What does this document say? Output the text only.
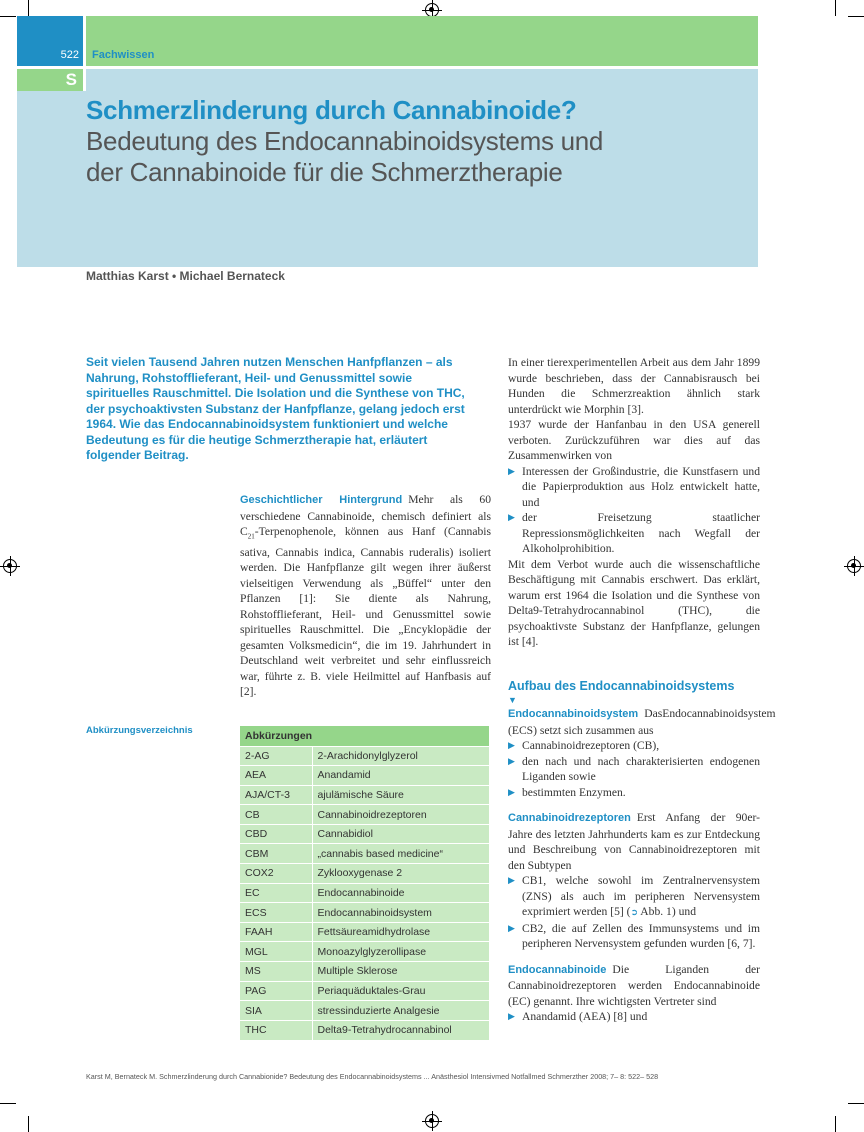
522 Fachwissen
S
Schmerzlinderung durch Cannabinoide?
Bedeutung des Endocannabinoidsystems und
der Cannabinoide für die Schmerztherapie
Matthias Karst • Michael Bernateck

Seit vielen Tausend Jahren nutzen Menschen Hanfpflanzen – als Nahrung, Rohstofflieferant, Heil- und Genussmittel sowie spirituelles Rauschmittel. Die Isolation und die Synthese von THC, der psychoaktivsten Substanz der Hanfpflanze, gelang jedoch erst 1964. Wie das Endocannabinoidsystem funktioniert und welche Bedeutung es für die heutige Schmerztherapie hat, erläutert folgender Beitrag.

Geschichtlicher Hintergrund Mehr als 60 verschiedene Cannabinoide, chemisch definiert als $C_{21}$-Terpenophenole, können aus Hanf (Cannabis sativa, Cannabis indica, Cannabis ruderalis) isoliert werden. Die Hanfpflanze gilt wegen ihrer äußerst vielseitigen Verwendung als „Büffel“ unter den Pflanzen [1]: Sie diente als Nahrung, Rohstofflieferant, Heil- und Genussmittel sowie spirituelles Rauschmittel. Die „Encyklopädie der gesamten Volksmedicin“, die im 19. Jahrhundert in Deutschland weit verbreitet und sehr einflussreich war, führte z. B. viele Heilmittel auf Hanfbasis auf [2].

In einer tierexperimentellen Arbeit aus dem Jahr 1899 wurde beschrieben, dass der Cannabisrausch bei Hunden die Schmerzreaktion ähnlich stark unterdrückt wie Morphin [3].

1937 wurde der Hanfanbau in den USA generell verboten. Zurückzuführen war dies auf das Zusammenwirken von

▶ Interessen der Großindustrie, die Kunstfasern und die Papierproduktion aus Holz entwickelt hatte, und
▶ der Freisetzung staatlicher Repressionsmöglichkeiten nach Wegfall der Alkoholprohibition.

Mit dem Verbot wurde auch die wissenschaftliche Beschäftigung mit Cannabis erschwert. Das erklärt, warum erst 1964 die Isolation und die Synthese von Delta9-Tetrahydrocannabinol (THC), die psychoaktivste Substanz der Hanfpflanze, gelungen ist [4].

Aufbau des Endocannabinoidsystems
▼

Endocannabinoidsystem DasEndocannabinoidsystem (ECS) setzt sich zusammen aus

▶ Cannabinoidrezeptoren (CB),
▶ den nach und nach charakterisierten endogenen Liganden sowie
▶ bestimmten Enzymen.

Cannabinoidrezeptoren Erst Anfang der 90er-Jahre des letzten Jahrhunderts kam es zur Entdeckung und Beschreibung von Cannabinoidrezeptoren mit den Subtypen

▶ CB1, welche sowohl im Zentralnervensystem (ZNS) als auch im peripheren Nervensystem exprimiert werden [5] (➲ Abb. 1) und
▶ CB2, die auf Zellen des Immunsystems und im peripheren Nervensystem gefunden wurden [6, 7].

Endocannabinoide Die Liganden der Cannabinoidrezeptoren werden Endocannabinoide (EC) genannt. Ihre wichtigsten Vertreter sind

▶ Anandamid (AEA) [8] und
Abkürzungsverzeichnis	Abkürzungen	
2-AG	2-Arachidonylglyzerol
AEA	Anandamid
AJA/CT-3	ajulämische Säure
CB	Cannabinoidrezeptoren
CBD	Cannabidiol
CBM	„cannabis based medicine“
COX2	Zyklooxygenase 2
EC	Endocannabinoide
ECS	Endocannabinoidsystem
FAAH	Fettsäureamidhydrolase
MGL	Monoazylglyzerollipase
MS	Multiple Sklerose
PAG	Periaquäduktales-Grau
SIA	stressinduzierte Analgesie
THC	Delta9-Tetrahydrocannabinol
Karst M, Bernateck M. Schmerzlinderung durch Cannabionide? Bedeutung des Endocannabinoidsystems ... Anästhesiol Intensivmed Notfallmed Schmerzther 2008; 7– 8: 522– 528
